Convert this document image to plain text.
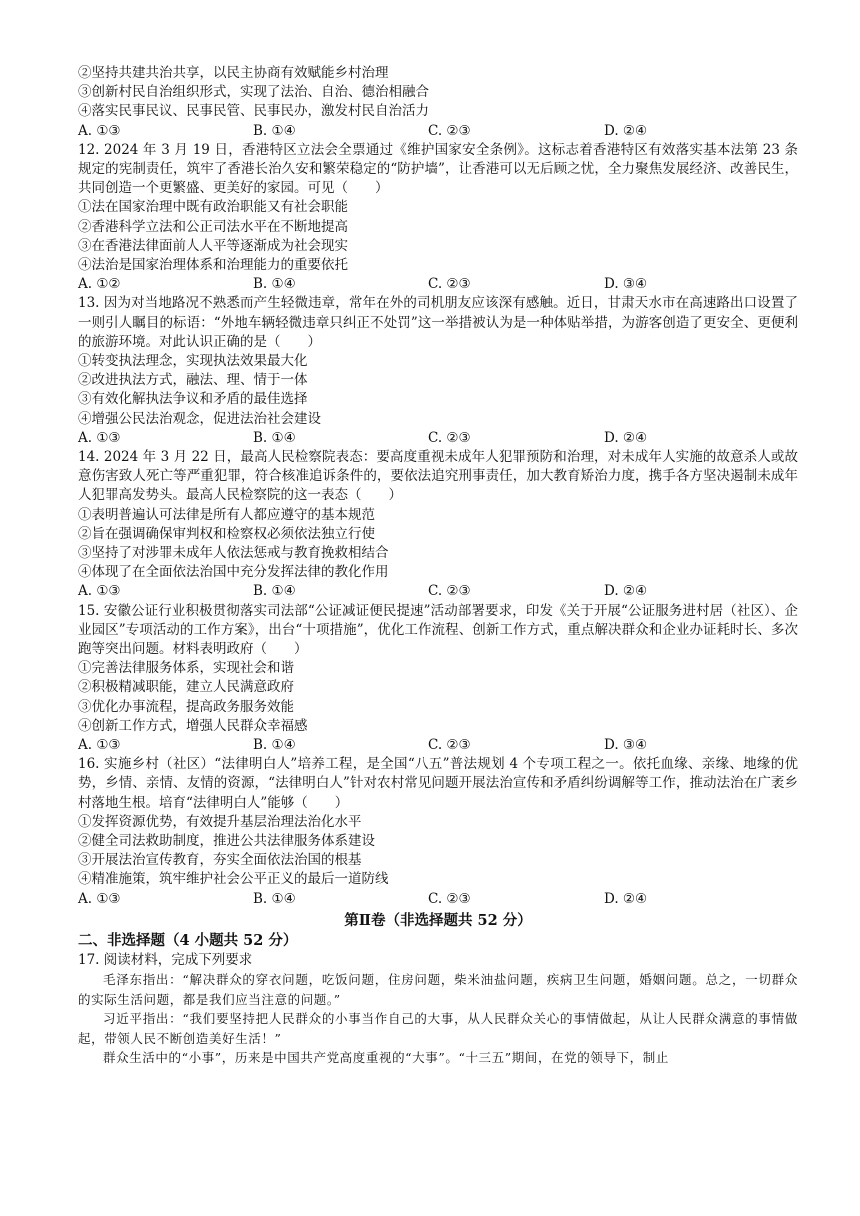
②坚持共建共治共享，以民主协商有效赋能乡村治理
③创新村民自治组织形式，实现了法治、自治、德治相融合
④落实民事民议、民事民管、民事民办，激发村民自治活力
A. ①③	B. ①④	C. ②③	D. ②④
12. 2024 年 3 月 19 日，香港特区立法会全票通过《维护国家安全条例》。这标志着香港特区有效落实基本法第 23 条规定的宪制责任，筑牢了香港长治久安和繁荣稳定的“防护墙”，让香港可以无后顾之忧，全力聚焦发展经济、改善民生，共同创造一个更繁盛、更美好的家园。可见（　　）
①法在国家治理中既有政治职能又有社会职能
②香港科学立法和公正司法水平在不断地提高
③在香港法律面前人人平等逐渐成为社会现实
④法治是国家治理体系和治理能力的重要依托
A. ①②	B. ①④	C. ②③	D. ③④
13. 因为对当地路况不熟悉而产生轻微违章，常年在外的司机朋友应该深有感触。近日，甘肃天水市在高速路出口设置了一则引人瞩目的标语：“外地车辆轻微违章只纠正不处罚”这一举措被认为是一种体贴举措，为游客创造了更安全、更便利的旅游环境。对此认识正确的是（　　）
①转变执法理念，实现执法效果最大化
②改进执法方式，融法、理、情于一体
③有效化解执法争议和矛盾的最佳选择
④增强公民法治观念，促进法治社会建设
A. ①③	B. ①④	C. ②③	D. ②④
14. 2024 年 3 月 22 日，最高人民检察院表态：要高度重视未成年人犯罪预防和治理，对未成年人实施的故意杀人或故意伤害致人死亡等严重犯罪，符合核准追诉条件的，要依法追究刑事责任，加大教育矫治力度，携手各方坚决遏制未成年人犯罪高发势头。最高人民检察院的这一表态（　　）
①表明普遍认可法律是所有人都应遵守的基本规范
②旨在强调确保审判权和检察权必须依法独立行使
③坚持了对涉罪未成年人依法惩戒与教育挽救相结合
④体现了在全面依法治国中充分发挥法律的教化作用
A. ①③	B. ①④	C. ②③	D. ②④
15. 安徽公证行业积极贯彻落实司法部“公证减证便民提速”活动部署要求，印发《关于开展“公证服务进村居（社区）、企业园区”专项活动的工作方案》，出台“十项措施”，优化工作流程、创新工作方式，重点解决群众和企业办证耗时长、多次跑等突出问题。材料表明政府（　　）
①完善法律服务体系，实现社会和谐
②积极精减职能，建立人民满意政府
③优化办事流程，提高政务服务效能
④创新工作方式，增强人民群众幸福感
A. ①③	B. ①④	C. ②③	D. ③④
16. 实施乡村（社区）“法律明白人”培养工程，是全国“八五”普法规划 4 个专项工程之一。依托血缘、亲缘、地缘的优势，乡情、亲情、友情的资源，“法律明白人”针对农村常见问题开展法治宣传和矛盾纠纷调解等工作，推动法治在广袤乡村落地生根。培育“法律明白人”能够（　　）
①发挥资源优势，有效提升基层治理法治化水平
②健全司法救助制度，推进公共法律服务体系建设
③开展法治宣传教育，夯实全面依法治国的根基
④精准施策，筑牢维护社会公平正义的最后一道防线
A. ①③	B. ①④	C. ②③	D. ②④
第Ⅱ卷（非选择题共 52 分）
二、非选择题（4 小题共 52 分）
17. 阅读材料，完成下列要求
毛泽东指出：“解决群众的穿衣问题，吃饭问题，住房问题，柴米油盐问题，疾病卫生问题，婚姻问题。总之，一切群众的实际生活问题，都是我们应当注意的问题。”
习近平指出：“我们要坚持把人民群众的小事当作自己的大事，从人民群众关心的事情做起，从让人民群众满意的事情做起，带领人民不断创造美好生活！”
群众生活中的“小事”，历来是中国共产党高度重视的“大事”。“十三五”期间，在党的领导下，制止
